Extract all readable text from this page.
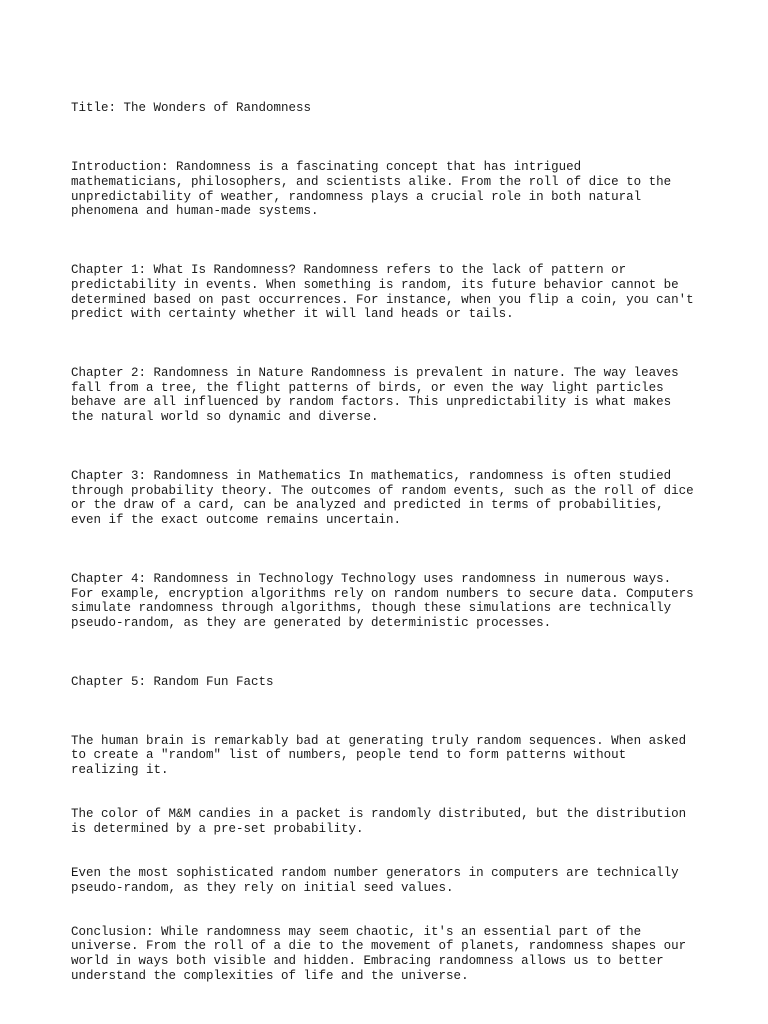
Title: The Wonders of Randomness

Introduction: Randomness is a fascinating concept that has intrigued
mathematicians, philosophers, and scientists alike. From the roll of dice to the
unpredictability of weather, randomness plays a crucial role in both natural
phenomena and human-made systems.

Chapter 1: What Is Randomness? Randomness refers to the lack of pattern or
predictability in events. When something is random, its future behavior cannot be
determined based on past occurrences. For instance, when you flip a coin, you can't
predict with certainty whether it will land heads or tails.

Chapter 2: Randomness in Nature Randomness is prevalent in nature. The way leaves
fall from a tree, the flight patterns of birds, or even the way light particles
behave are all influenced by random factors. This unpredictability is what makes
the natural world so dynamic and diverse.

Chapter 3: Randomness in Mathematics In mathematics, randomness is often studied
through probability theory. The outcomes of random events, such as the roll of dice
or the draw of a card, can be analyzed and predicted in terms of probabilities,
even if the exact outcome remains uncertain.

Chapter 4: Randomness in Technology Technology uses randomness in numerous ways.
For example, encryption algorithms rely on random numbers to secure data. Computers
simulate randomness through algorithms, though these simulations are technically
pseudo-random, as they are generated by deterministic processes.

Chapter 5: Random Fun Facts

The human brain is remarkably bad at generating truly random sequences. When asked
to create a "random" list of numbers, people tend to form patterns without
realizing it.

The color of M&M candies in a packet is randomly distributed, but the distribution
is determined by a pre-set probability.

Even the most sophisticated random number generators in computers are technically
pseudo-random, as they rely on initial seed values.

Conclusion: While randomness may seem chaotic, it's an essential part of the
universe. From the roll of a die to the movement of planets, randomness shapes our
world in ways both visible and hidden. Embracing randomness allows us to better
understand the complexities of life and the universe.
